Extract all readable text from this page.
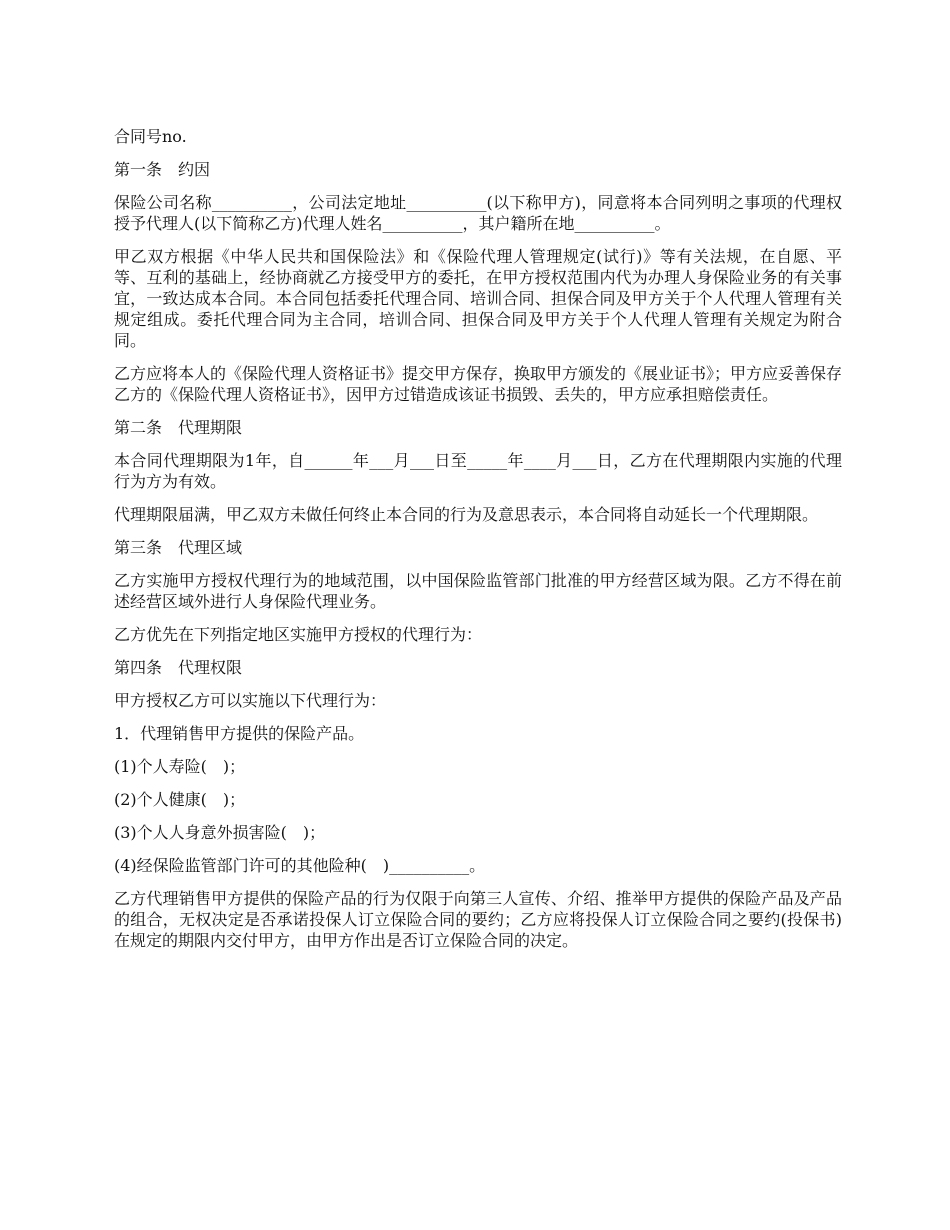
合同号no.

第一条　约因

保险公司名称__________，公司法定地址__________(以下称甲方)，同意将本合同列明之事项的代理权授予代理人(以下简称乙方)代理人姓名__________，其户籍所在地__________。

甲乙双方根据《中华人民共和国保险法》和《保险代理人管理规定(试行)》等有关法规，在自愿、平等、互利的基础上，经协商就乙方接受甲方的委托，在甲方授权范围内代为办理人身保险业务的有关事宜，一致达成本合同。本合同包括委托代理合同、培训合同、担保合同及甲方关于个人代理人管理有关规定组成。委托代理合同为主合同，培训合同、担保合同及甲方关于个人代理人管理有关规定为附合同。

乙方应将本人的《保险代理人资格证书》提交甲方保存，换取甲方颁发的《展业证书》；甲方应妥善保存乙方的《保险代理人资格证书》，因甲方过错造成该证书损毁、丢失的，甲方应承担赔偿责任。

第二条　代理期限

本合同代理期限为1年，自______年___月___日至_____年____月___日，乙方在代理期限内实施的代理行为方为有效。

代理期限届满，甲乙双方未做任何终止本合同的行为及意思表示，本合同将自动延长一个代理期限。

第三条　代理区域

乙方实施甲方授权代理行为的地域范围，以中国保险监管部门批准的甲方经营区域为限。乙方不得在前述经营区域外进行人身保险代理业务。

乙方优先在下列指定地区实施甲方授权的代理行为：

第四条　代理权限

甲方授权乙方可以实施以下代理行为：

1．代理销售甲方提供的保险产品。

(1)个人寿险(　)；

(2)个人健康(　)；

(3)个人人身意外损害险(　)；

(4)经保险监管部门许可的其他险种(　)__________。

乙方代理销售甲方提供的保险产品的行为仅限于向第三人宣传、介绍、推举甲方提供的保险产品及产品的组合，无权决定是否承诺投保人订立保险合同的要约；乙方应将投保人订立保险合同之要约(投保书)在规定的期限内交付甲方，由甲方作出是否订立保险合同的决定。
